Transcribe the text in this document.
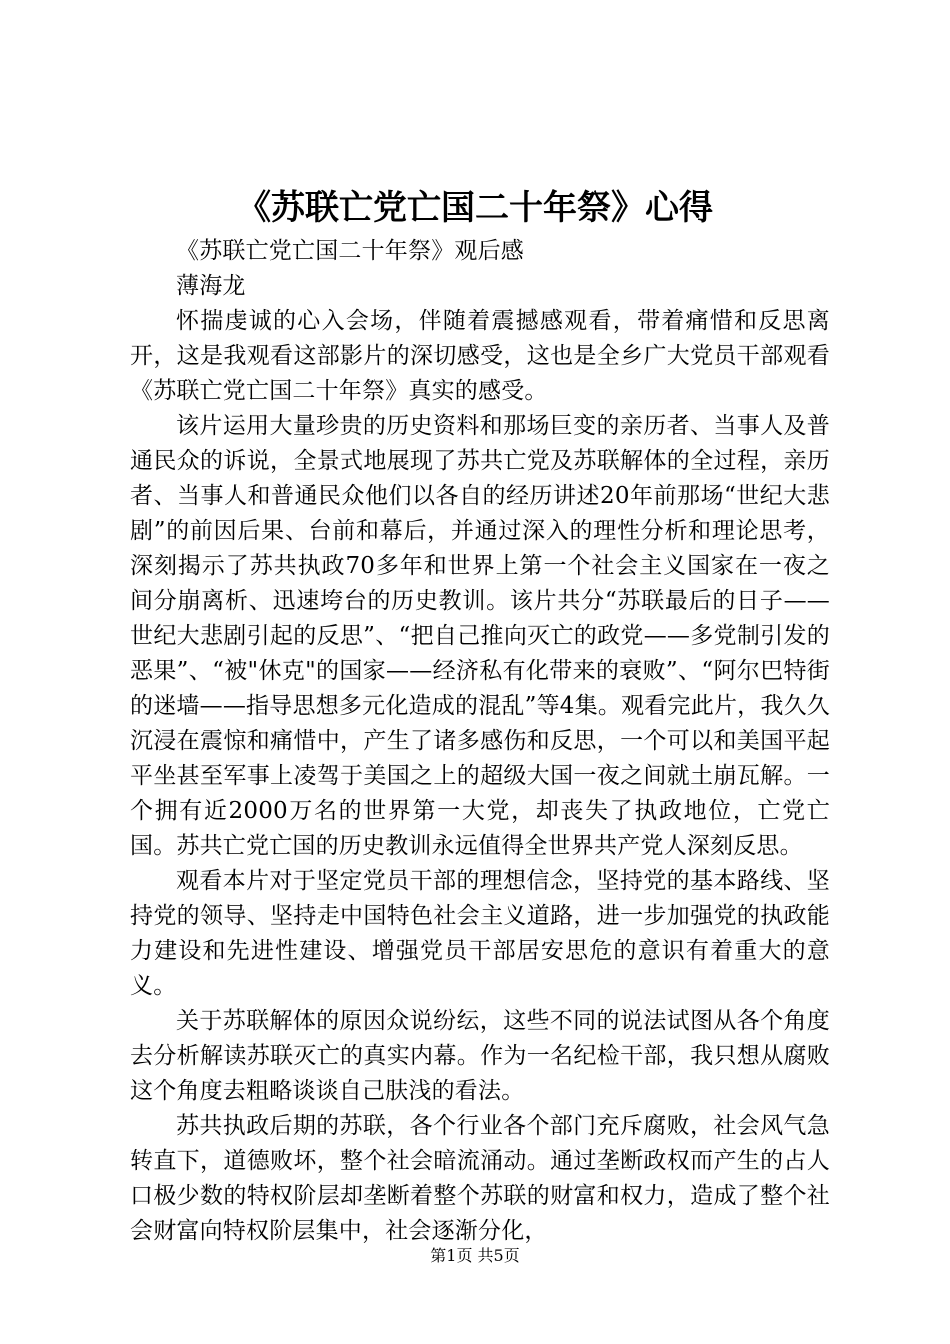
《苏联亡党亡国二十年祭》心得

《苏联亡党亡国二十年祭》观后感

薄海龙

怀揣虔诚的心入会场，伴随着震撼感观看，带着痛惜和反思离开，这是我观看这部影片的深切感受，这也是全乡广大党员干部观看《苏联亡党亡国二十年祭》真实的感受。

该片运用大量珍贵的历史资料和那场巨变的亲历者、当事人及普通民众的诉说，全景式地展现了苏共亡党及苏联解体的全过程，亲历者、当事人和普通民众他们以各自的经历讲述20年前那场“世纪大悲剧”的前因后果、台前和幕后，并通过深入的理性分析和理论思考，深刻揭示了苏共执政70多年和世界上第一个社会主义国家在一夜之间分崩离析、迅速垮台的历史教训。该片共分“苏联最后的日子——世纪大悲剧引起的反思”、“把自己推向灭亡的政党——多党制引发的恶果”、“被"休克"的国家——经济私有化带来的衰败”、“阿尔巴特街的迷墙——指导思想多元化造成的混乱”等4集。观看完此片，我久久沉浸在震惊和痛惜中，产生了诸多感伤和反思，一个可以和美国平起平坐甚至军事上凌驾于美国之上的超级大国一夜之间就土崩瓦解。一个拥有近2000万名的世界第一大党，却丧失了执政地位，亡党亡国。苏共亡党亡国的历史教训永远值得全世界共产党人深刻反思。

观看本片对于坚定党员干部的理想信念，坚持党的基本路线、坚持党的领导、坚持走中国特色社会主义道路，进一步加强党的执政能力建设和先进性建设、增强党员干部居安思危的意识有着重大的意义。

关于苏联解体的原因众说纷纭，这些不同的说法试图从各个角度去分析解读苏联灭亡的真实内幕。作为一名纪检干部，我只想从腐败这个角度去粗略谈谈自己肤浅的看法。

苏共执政后期的苏联，各个行业各个部门充斥腐败，社会风气急转直下，道德败坏，整个社会暗流涌动。通过垄断政权而产生的占人口极少数的特权阶层却垄断着整个苏联的财富和权力，造成了整个社会财富向特权阶层集中，社会逐渐分化，

第1页 共5页
